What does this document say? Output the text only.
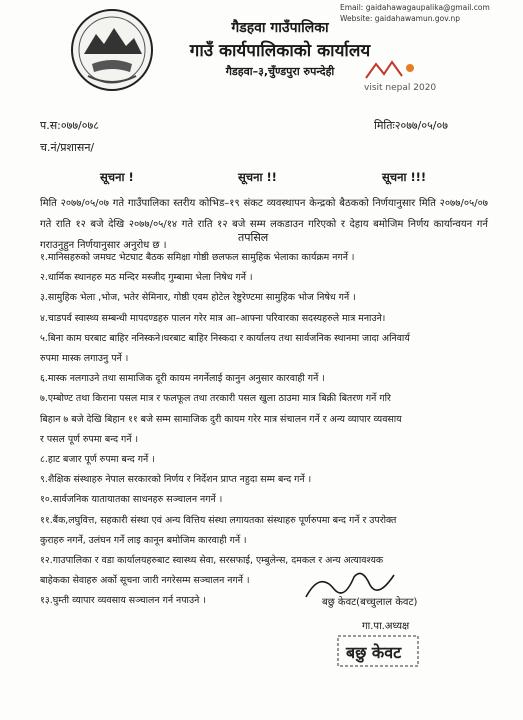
Email: gaidahawagaupalika@gmail.com
Website: gaidahawamun.gov.np
गैडहवा गाउँपालिका
गाउँ कार्यपालिकाको कार्यालय
गैडहवा–३,चुँण्डपुरा रुपन्देही
visit nepal 2020
प.स:०७७/०७८	मितिः२०७७/०५/०७
च.नं/प्रशासन/
सूचना !	सूचना !!	सूचना !!!
मिति २०७७/०५/०७ गते गाउँपालिका स्तरीय कोभिड–१९ संकट व्यवस्थापन केन्द्रको बैठकको निर्णयानुसार मिति २०७७/०५/०७ गते राति १२ बजे देखि २०७७/०५/१४ गते राति १२ बजे सम्म लकडाउन गरिएको र देहाय बमोजिम निर्णय कार्यान्वयन गर्न गराउनुहुन निर्णयानुसार अनुरोध छ ।
तपसिल
१.मानिसहरुको जमघट भेटघाट बैठक समिक्षा गोष्ठी छलफल सामुहिक भेलाका कार्यक्रम नगर्ने ।
२.धार्मिक स्थानहरु मठ मन्दिर मस्जीद गुम्बामा भेला निषेध गर्ने ।
३.सामुहिक भेला ,भोज, भतेर सेमिनार, गोष्ठी एवम होटेल रेष्टुरेण्टमा सामुहिक भोज निषेध गर्ने ।
४.चाडपर्व स्वास्थ्य सम्बन्धी मापदण्डहरु पालन गरेर मात्र आ–आफ्ना परिवारका सदस्यहरुले मात्र मनाउने।
५.बिना काम घरबाट बाहिर ननिस्कने।घरबाट बाहिर निस्कदा र कार्यालय तथा सार्वजनिक स्थानमा जादा अनिवार्य
रुपमा मास्क लगाउनु पर्ने ।
६.मास्क नलगाउने तथा सामाजिक दूरी कायम नगर्नेलाई कानुन अनुसार कारवाही गर्ने ।
७.एम्बोण्ट तथा किराना पसल मात्र र फलफूल तथा तरकारी पसल खुला ठाउमा मात्र बिक्री बितरण गर्ने गरि
बिहान ७ बजे देखि बिहान ११ बजे सम्म सामाजिक दुरी कायम गरेर मात्र संचालन गर्ने र अन्य व्यापार व्यवसाय
र पसल पूर्ण रुपमा बन्द गर्ने ।
८.हाट बजार पूर्ण रुपमा बन्द गर्ने ।
९.शैक्षिक संस्थाहरु नेपाल सरकारको निर्णय र निर्देशन प्राप्त नहुदा सम्म बन्द गर्ने ।
१०.सार्वजनिक यातायातका साधनहरु सञ्चालन नगर्ने ।
११.बैंक,लघुवित्त, सहकारी संस्था एवं अन्य वित्तिय संस्था लगायतका संस्थाहरु पूर्णरुपमा बन्द गर्ने र उपरोक्त
कुराहरु नगर्ने, उलंघन गर्ने लाइ कानून बमोजिम कारवाही गर्ने ।
१२.गाउपालिका र वडा कार्यालयहरुबाट स्वास्थ्य सेवा, सरसफाई, एम्बुलेन्स, दमकल र अन्य अत्यावश्यक
बाहेकका सेवाहरु अर्को सूचना जारी नगरेसम्म सञ्चालन नगर्ने ।
१३.घुम्ती व्यापार व्यवसाय सञ्चालन गर्न नपाउने ।	बछु केवट(बच्चुलाल केवट)
गा.पा.अध्यक्ष
बछु केवट
